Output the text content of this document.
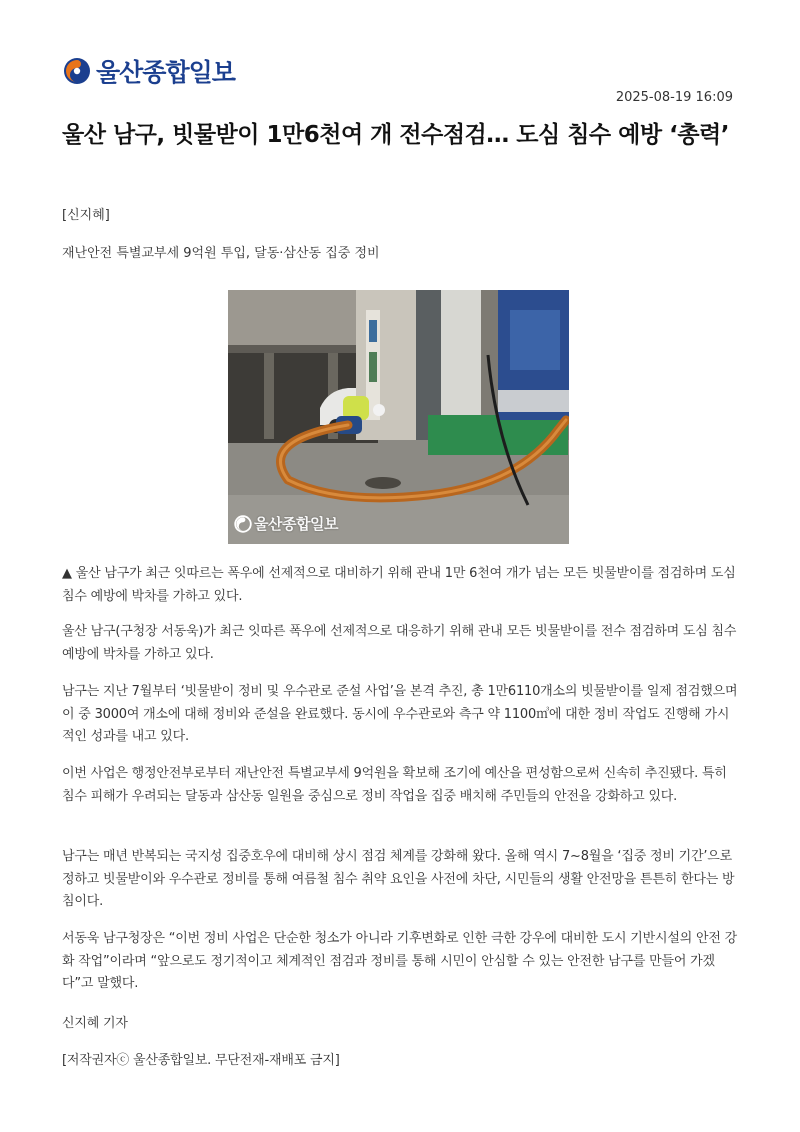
울산종합일보
2025-08-19 16:09
울산 남구, 빗물받이 1만6천여 개 전수점검… 도심 침수 예방 ‘총력’
[신지혜]
재난안전 특별교부세 9억원 투입, 달동·삼산동 집중 정비
울산종합일보

▲ 울산 남구가 최근 잇따르는 폭우에 선제적으로 대비하기 위해 관내 1만 6천여 개가 넘는 모든 빗물받이를 점검하며 도심 침수 예방에 박차를 가하고 있다.

울산 남구(구청장 서동욱)가 최근 잇따른 폭우에 선제적으로 대응하기 위해 관내 모든 빗물받이를 전수 점검하며 도심 침수 예방에 박차를 가하고 있다.

남구는 지난 7월부터 ‘빗물받이 정비 및 우수관로 준설 사업’을 본격 추진, 총 1만6110개소의 빗물받이를 일제 점검했으며 이 중 3000여 개소에 대해 정비와 준설을 완료했다. 동시에 우수관로와 측구 약 1100㎥에 대한 정비 작업도 진행해 가시적인 성과를 내고 있다.

이번 사업은 행정안전부로부터 재난안전 특별교부세 9억원을 확보해 조기에 예산을 편성함으로써 신속히 추진됐다. 특히 침수 피해가 우려되는 달동과 삼산동 일원을 중심으로 정비 작업을 집중 배치해 주민들의 안전을 강화하고 있다.

남구는 매년 반복되는 국지성 집중호우에 대비해 상시 점검 체계를 강화해 왔다. 올해 역시 7~8월을 ‘집중 정비 기간’으로 정하고 빗물받이와 우수관로 정비를 통해 여름철 침수 취약 요인을 사전에 차단, 시민들의 생활 안전망을 튼튼히 한다는 방침이다.

서동욱 남구청장은 “이번 정비 사업은 단순한 청소가 아니라 기후변화로 인한 극한 강우에 대비한 도시 기반시설의 안전 강화 작업”이라며 “앞으로도 정기적이고 체계적인 점검과 정비를 통해 시민이 안심할 수 있는 안전한 남구를 만들어 가겠다”고 말했다.

신지혜 기자

[저작권자ⓒ 울산종합일보. 무단전재-재배포 금지]
